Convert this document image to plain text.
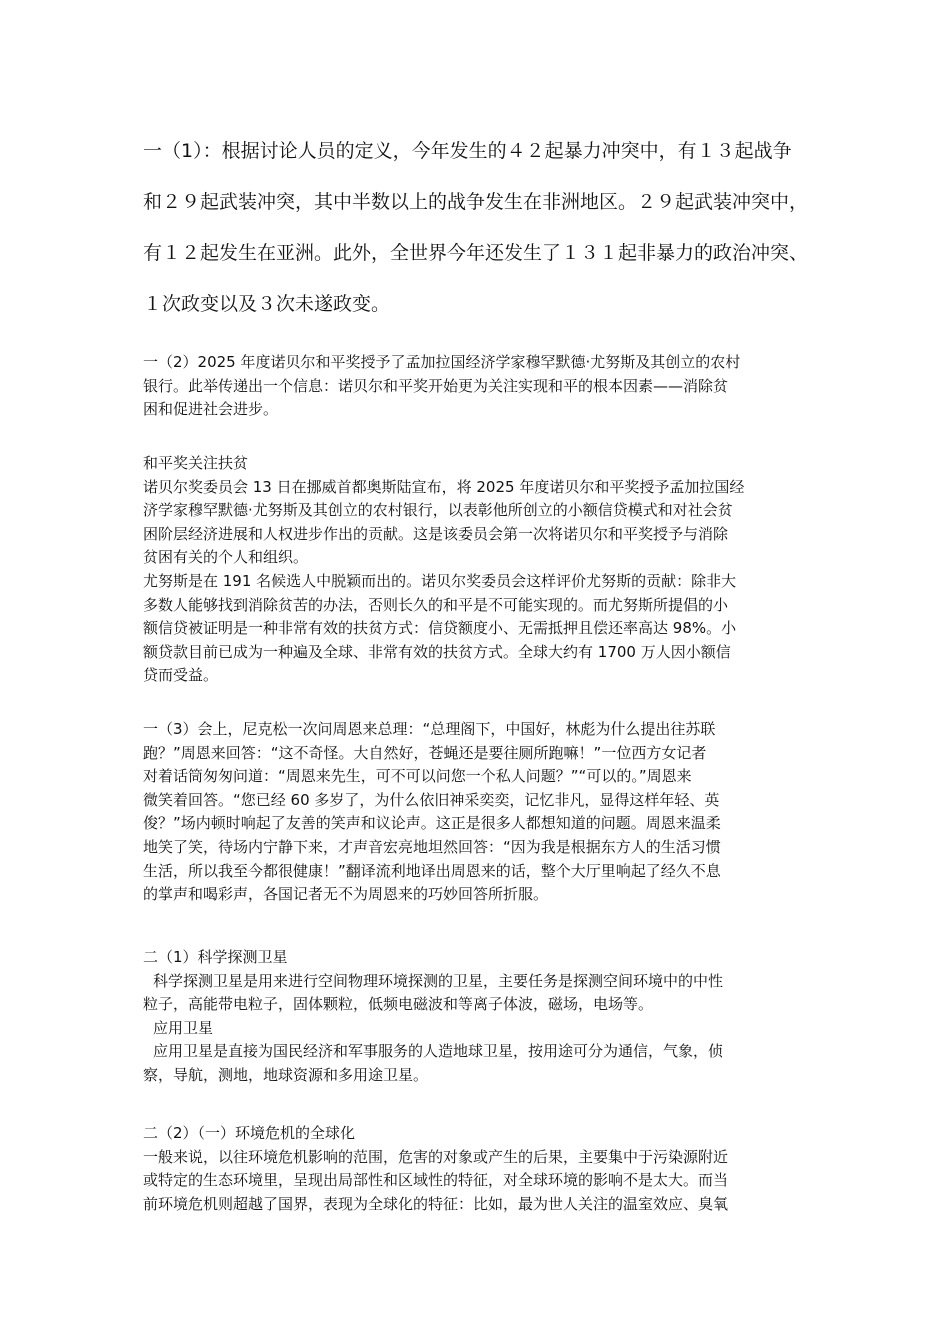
一（1）：根据讨论人员的定义，今年发生的４２起暴力冲突中，有１３起战争
和２９起武装冲突，其中半数以上的战争发生在非洲地区。２９起武装冲突中，
有１２起发生在亚洲。此外，全世界今年还发生了１３１起非暴力的政治冲突、
１次政变以及３次未遂政变。
一（2）2025 年度诺贝尔和平奖授予了孟加拉国经济学家穆罕默德·尤努斯及其创立的农村
银行。此举传递出一个信息：诺贝尔和平奖开始更为关注实现和平的根本因素——消除贫
困和促进社会进步。
和平奖关注扶贫
诺贝尔奖委员会 13 日在挪威首都奥斯陆宣布，将 2025 年度诺贝尔和平奖授予孟加拉国经
济学家穆罕默德·尤努斯及其创立的农村银行，以表彰他所创立的小额信贷模式和对社会贫
困阶层经济进展和人权进步作出的贡献。这是该委员会第一次将诺贝尔和平奖授予与消除
贫困有关的个人和组织。
尤努斯是在 191 名候选人中脱颖而出的。诺贝尔奖委员会这样评价尤努斯的贡献：除非大
多数人能够找到消除贫苦的办法，否则长久的和平是不可能实现的。而尤努斯所提倡的小
额信贷被证明是一种非常有效的扶贫方式：信贷额度小、无需抵押且偿还率高达 98%。小
额贷款目前已成为一种遍及全球、非常有效的扶贫方式。全球大约有 1700 万人因小额信
贷而受益。
一（3）会上，尼克松一次问周恩来总理：“总理阁下，中国好，林彪为什么提出往苏联
跑？”周恩来回答：“这不奇怪。大自然好，苍蝇还是要往厕所跑嘛！”一位西方女记者
对着话筒匆匆问道：“周恩来先生，可不可以问您一个私人问题？”“可以的。”周恩来
微笑着回答。“您已经 60 多岁了，为什么依旧神采奕奕，记忆非凡，显得这样年轻、英
俊？”场内顿时响起了友善的笑声和议论声。这正是很多人都想知道的问题。周恩来温柔
地笑了笑，待场内宁静下来，才声音宏亮地坦然回答：“因为我是根据东方人的生活习惯
生活，所以我至今都很健康！”翻译流利地译出周恩来的话，整个大厅里响起了经久不息
的掌声和喝彩声，各国记者无不为周恩来的巧妙回答所折服。
二（1）科学探测卫星
科学探测卫星是用来进行空间物理环境探测的卫星，主要任务是探测空间环境中的中性
粒子，高能带电粒子，固体颗粒，低频电磁波和等离子体波，磁场，电场等。
应用卫星
应用卫星是直接为国民经济和军事服务的人造地球卫星，按用途可分为通信，气象，侦
察，导航，测地，地球资源和多用途卫星。
二（2）（一）环境危机的全球化
一般来说，以往环境危机影响的范围，危害的对象或产生的后果，主要集中于污染源附近
或特定的生态环境里，呈现出局部性和区域性的特征，对全球环境的影响不是太大。而当
前环境危机则超越了国界，表现为全球化的特征：比如，最为世人关注的温室效应、臭氧
